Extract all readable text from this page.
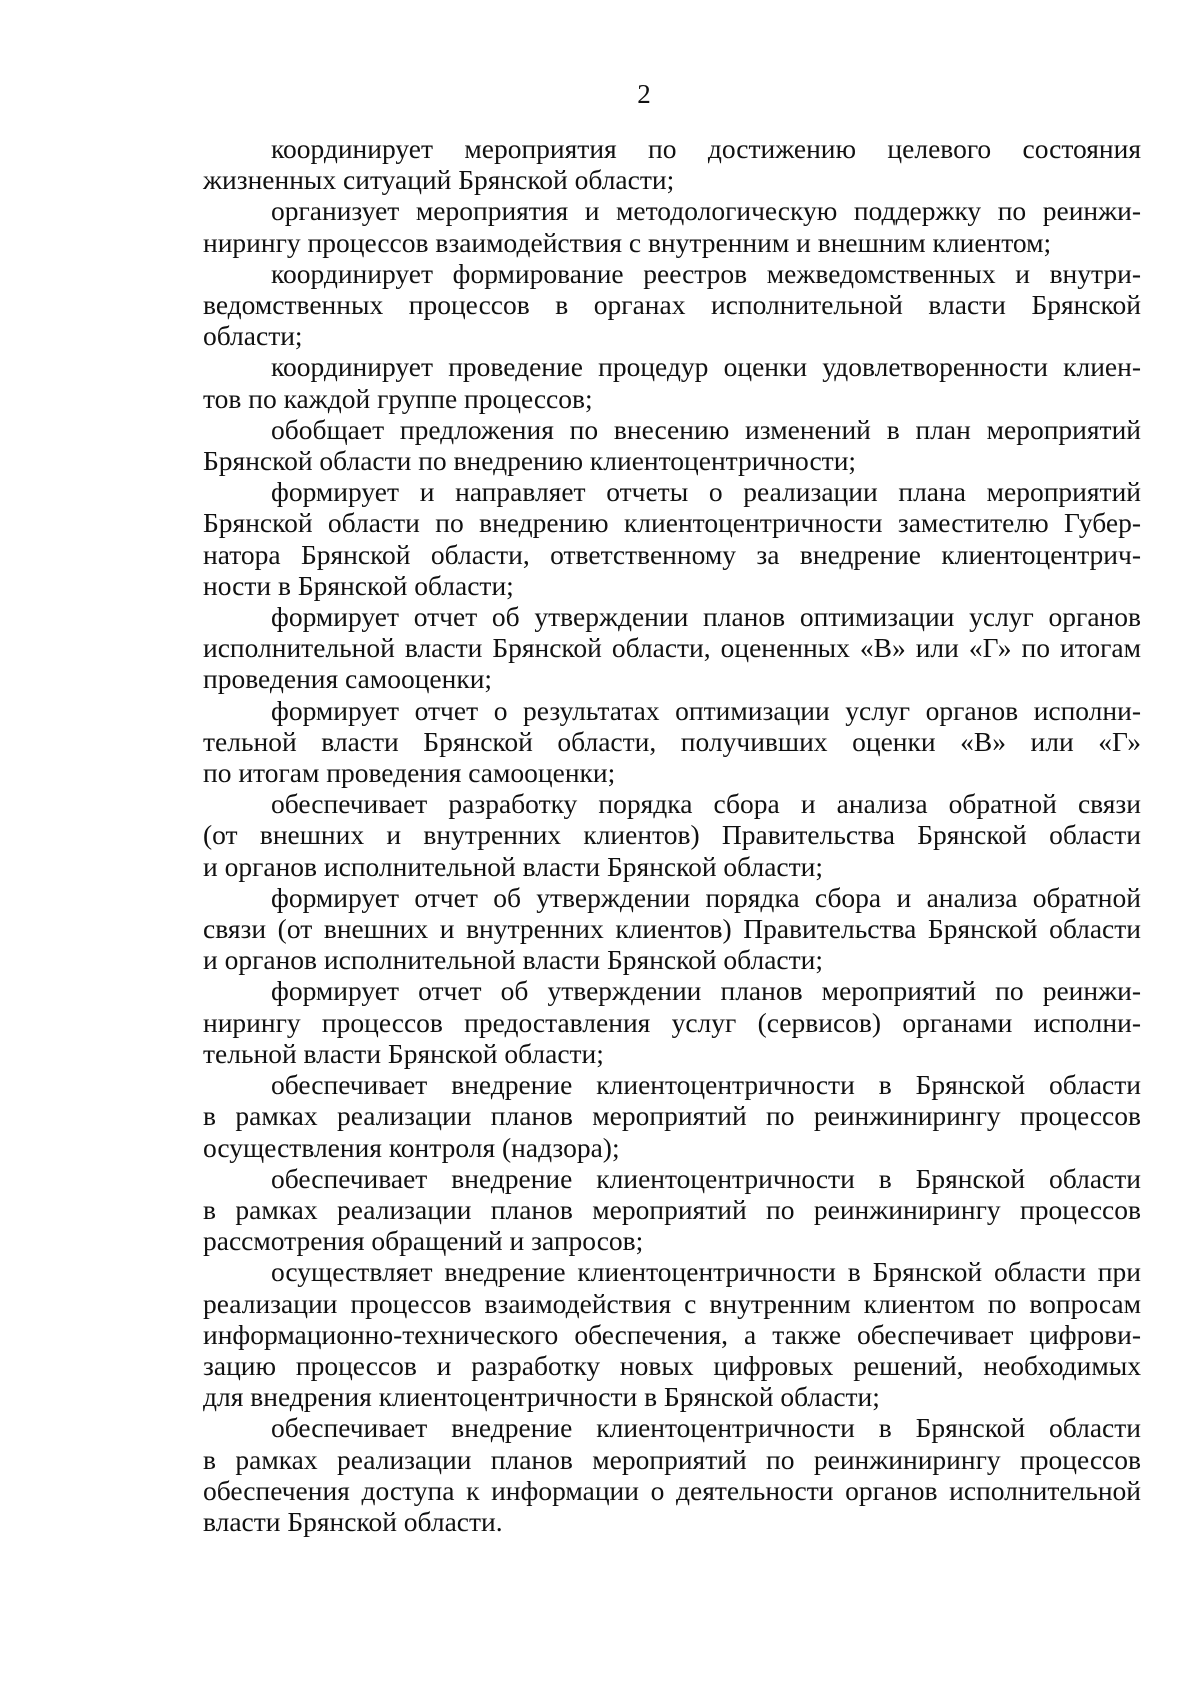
2

координирует мероприятия по достижению целевого состояния
жизненных ситуаций Брянской области;

организует мероприятия и методологическую поддержку по реинжи-
нирингу процессов взаимодействия с внутренним и внешним клиентом;

координирует формирование реестров межведомственных и внутри-
ведомственных процессов в органах исполнительной власти Брянской
области;

координирует проведение процедур оценки удовлетворенности клиен-
тов по каждой группе процессов;

обобщает предложения по внесению изменений в план мероприятий
Брянской области по внедрению клиентоцентричности;

формирует и направляет отчеты о реализации плана мероприятий
Брянской области по внедрению клиентоцентричности заместителю Губер-
натора Брянской области, ответственному за внедрение клиентоцентрич-
ности в Брянской области;

формирует отчет об утверждении планов оптимизации услуг органов
исполнительной власти Брянской области, оцененных «В» или «Г» по итогам
проведения самооценки;

формирует отчет о результатах оптимизации услуг органов исполни-
тельной власти Брянской области, получивших оценки «В» или «Г»
по итогам проведения самооценки;

обеспечивает разработку порядка сбора и анализа обратной связи
(от внешних и внутренних клиентов) Правительства Брянской области
и органов исполнительной власти Брянской области;

формирует отчет об утверждении порядка сбора и анализа обратной
связи (от внешних и внутренних клиентов) Правительства Брянской области
и органов исполнительной власти Брянской области;

формирует отчет об утверждении планов мероприятий по реинжи-
нирингу процессов предоставления услуг (сервисов) органами исполни-
тельной власти Брянской области;

обеспечивает внедрение клиентоцентричности в Брянской области
в рамках реализации планов мероприятий по реинжинирингу процессов
осуществления контроля (надзора);

обеспечивает внедрение клиентоцентричности в Брянской области
в рамках реализации планов мероприятий по реинжинирингу процессов
рассмотрения обращений и запросов;

осуществляет внедрение клиентоцентричности в Брянской области при
реализации процессов взаимодействия с внутренним клиентом по вопросам
информационно-технического обеспечения, а также обеспечивает цифрови-
зацию процессов и разработку новых цифровых решений, необходимых
для внедрения клиентоцентричности в Брянской области;

обеспечивает внедрение клиентоцентричности в Брянской области
в рамках реализации планов мероприятий по реинжинирингу процессов
обеспечения доступа к информации о деятельности органов исполнительной
власти Брянской области.
